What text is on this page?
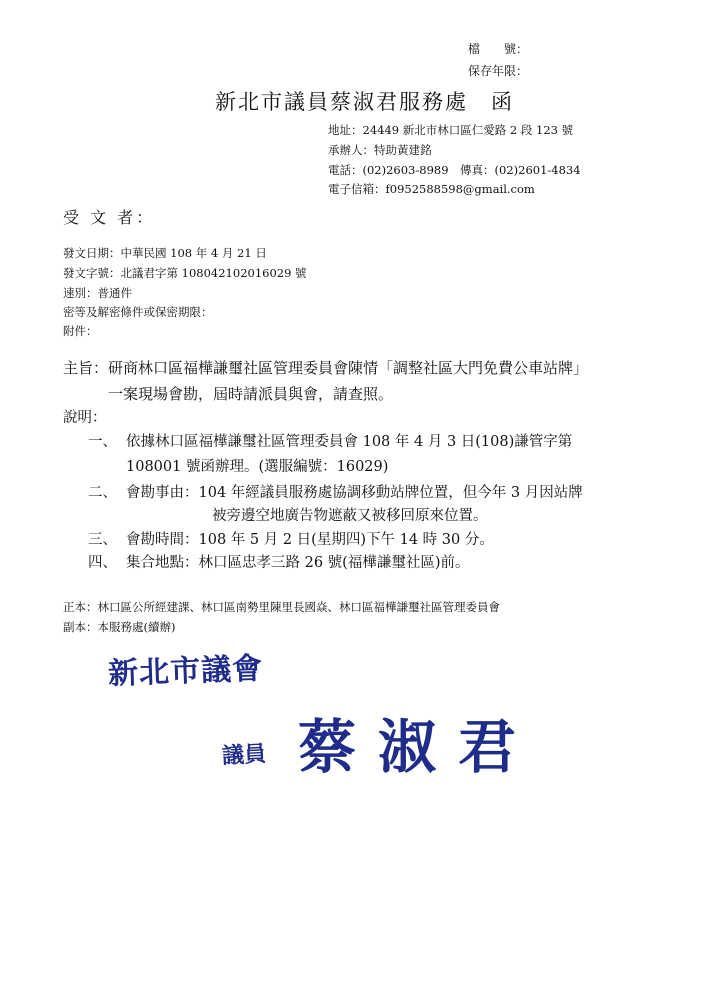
檔　　號：
保存年限：
新北市議員蔡淑君服務處　函
地址：24449 新北市林口區仁愛路 2 段 123 號
承辦人：特助黃建銘
電話：(02)2603-8989　傳真：(02)2601-4834
電子信箱：f0952588598@gmail.com
受 文 者：
發文日期：中華民國 108 年 4 月 21 日
發文字號：北議君字第 108042102016029 號
速別：普通件
密等及解密條件或保密期限：
附件：
主旨：研商林口區福樺謙璽社區管理委員會陳情「調整社區大門免費公車站牌」
一案現場會勘，屆時請派員與會，請查照。
說明：
一、 依據林口區福樺謙璽社區管理委員會 108 年 4 月 3 日(108)謙管字第
108001 號函辦理。(選服編號：16029)
二、 會勘事由：104 年經議員服務處協調移動站牌位置，但今年 3 月因站牌
被旁邊空地廣告物遮蔽又被移回原來位置。
三、 會勘時間：108 年 5 月 2 日(星期四)下午 14 時 30 分。
四、 集合地點：林口區忠孝三路 26 號(福樺謙璽社區)前。
正本：林口區公所經建課、林口區南勢里陳里長國焱、林口區福樺謙璽社區管理委員會
副本：本服務處(續辦)
新北市議會
議員 蔡淑君
